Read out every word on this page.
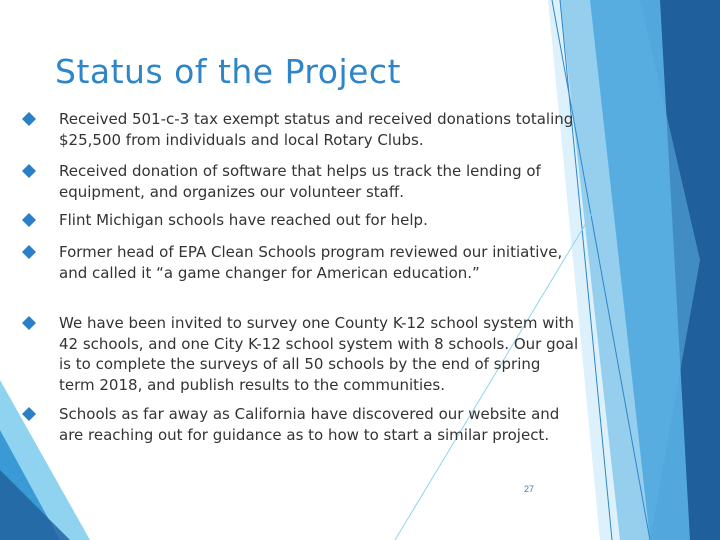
Status of the Project
Received 501-c-3 tax exempt status and received donations totaling $25,500 from individuals and local Rotary Clubs.
Received donation of software that helps us track the lending of equipment, and organizes our volunteer staff.
Flint Michigan schools have reached out for help.
Former head of EPA Clean Schools program reviewed our initiative, and called it “a game changer for American education.”
We have been invited to survey one County K-12 school system with 42 schools, and one City K-12 school system with 8 schools. Our goal is to complete the surveys of all 50 schools by the end of spring term 2018, and publish results to the communities.
Schools as far away as California have discovered our website and are reaching out for guidance as to how to start a similar project.
27
